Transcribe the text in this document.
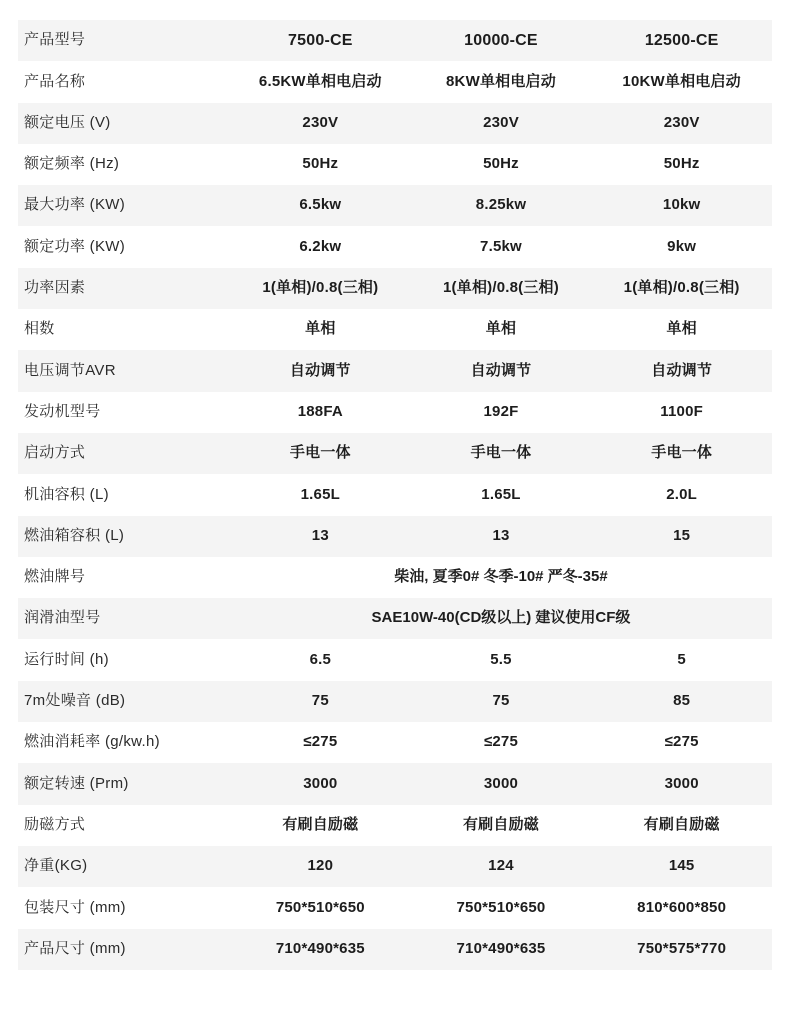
产品型号	7500-CE	10000-CE	12500-CE
产品名称	6.5KW单相电启动	8KW单相电启动	10KW单相电启动
额定电压 (V)	230V	230V	230V
额定频率 (Hz)	50Hz	50Hz	50Hz
最大功率 (KW)	6.5kw	8.25kw	10kw
额定功率 (KW)	6.2kw	7.5kw	9kw
功率因素	1(单相)/0.8(三相)	1(单相)/0.8(三相)	1(单相)/0.8(三相)
相数	单相	单相	单相
电压调节AVR	自动调节	自动调节	自动调节
发动机型号	188FA	192F	1100F
启动方式	手电一体	手电一体	手电一体
机油容积 (L)	1.65L	1.65L	2.0L
燃油箱容积 (L)	13	13	15
燃油牌号	柴油, 夏季0# 冬季-10# 严冬-35#		
润滑油型号	SAE10W-40(CD级以上) 建议使用CF级		
运行时间 (h)	6.5	5.5	5
7m处噪音 (dB)	75	75	85
燃油消耗率 (g/kw.h)	≤275	≤275	≤275
额定转速 (Prm)	3000	3000	3000
励磁方式	有刷自励磁	有刷自励磁	有刷自励磁
净重(KG)	120	124	145
包装尺寸 (mm)	750*510*650	750*510*650	810*600*850
产品尺寸 (mm)	710*490*635	710*490*635	750*575*770
